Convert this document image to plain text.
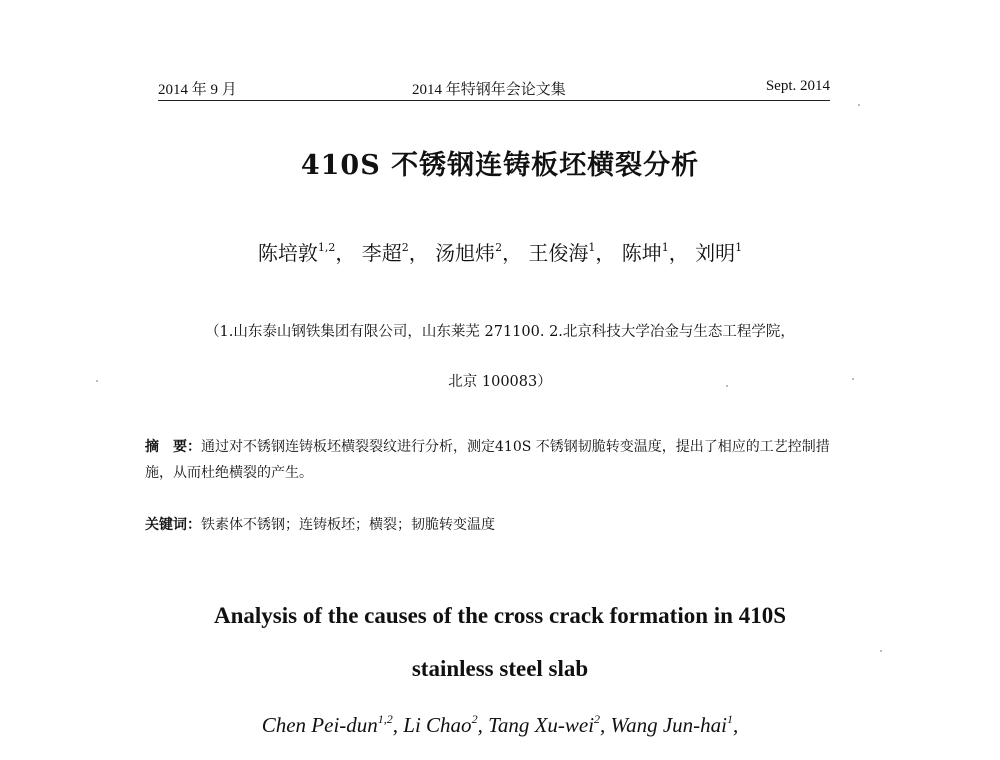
2014 年 9 月	2014 年特钢年会论文集	Sept. 2014
410S 不锈钢连铸板坯横裂分析
陈培敦$^{1,2}$， 李超$^2$， 汤旭炜$^2$， 王俊海$^1$， 陈坤$^1$， 刘明$^1$
（1.山东泰山钢铁集团有限公司，山东莱芜 271100. 2.北京科技大学冶金与生态工程学院，
北京 100083）
摘　要：通过对不锈钢连铸板坯横裂裂纹进行分析，测定410S 不锈钢韧脆转变温度，提出了相应的工艺控制措施，从而杜绝横裂的产生。
关键词：铁素体不锈钢；连铸板坯；横裂；韧脆转变温度
Analysis of the causes of the cross crack formation in 410S
stainless steel slab
Chen Pei-dun$^{1,2}$, Li Chao$^2$, Tang Xu-wei$^2$, Wang Jun-hai$^1$,
